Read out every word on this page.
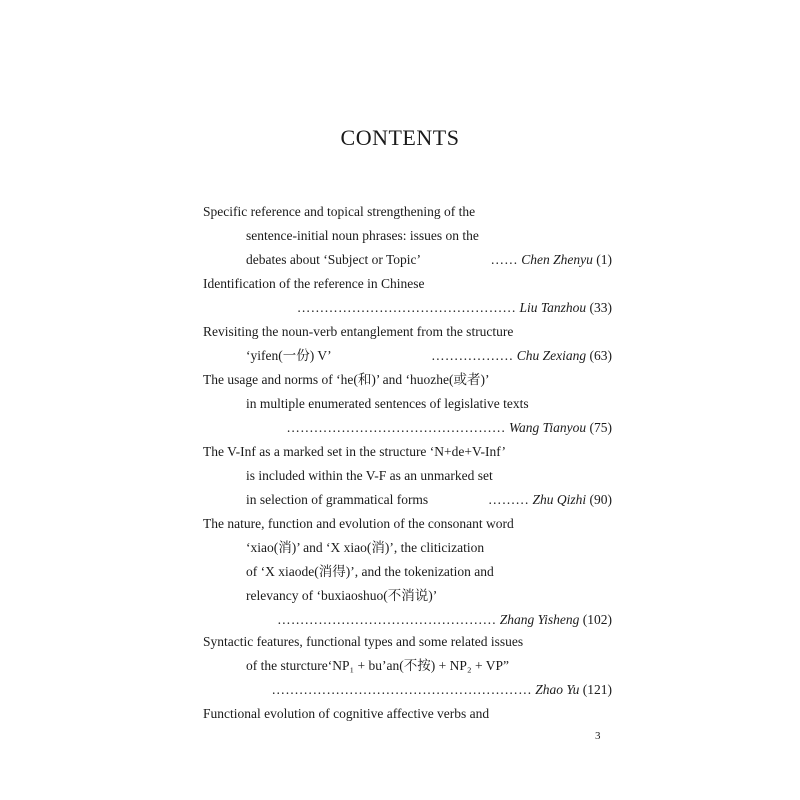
CONTENTS
Specific reference and topical strengthening of the
sentence-initial noun phrases: issues on the
debates about ‘Subject or Topic’	…… Chen Zhenyu (1)
Identification of the reference in Chinese
………………………………………… Liu Tanzhou (33)
Revisiting the noun-verb entanglement from the structure
‘yifen(一份) V’	……………… Chu Zexiang (63)
The usage and norms of ‘he(和)’ and ‘huozhe(或者)’
in multiple enumerated sentences of legislative texts
………………………………………… Wang Tianyou (75)
The V-Inf as a marked set in the structure ‘N+de+V-Inf’
is included within the V-F as an unmarked set
in selection of grammatical forms	……… Zhu Qizhi (90)
The nature, function and evolution of the consonant word
‘xiao(消)’ and ‘X xiao(消)’, the cliticization
of ‘X xiaode(消得)’, and the tokenization and
relevancy of ‘buxiaoshuo(不消说)’
………………………………………… Zhang Yisheng (102)
Syntactic features, functional types and some related issues
of the sturcture‘NP₁ + bu’an(不按) + NP₂ + VP”
………………………………………………… Zhao Yu (121)
Functional evolution of cognitive affective verbs and
3
